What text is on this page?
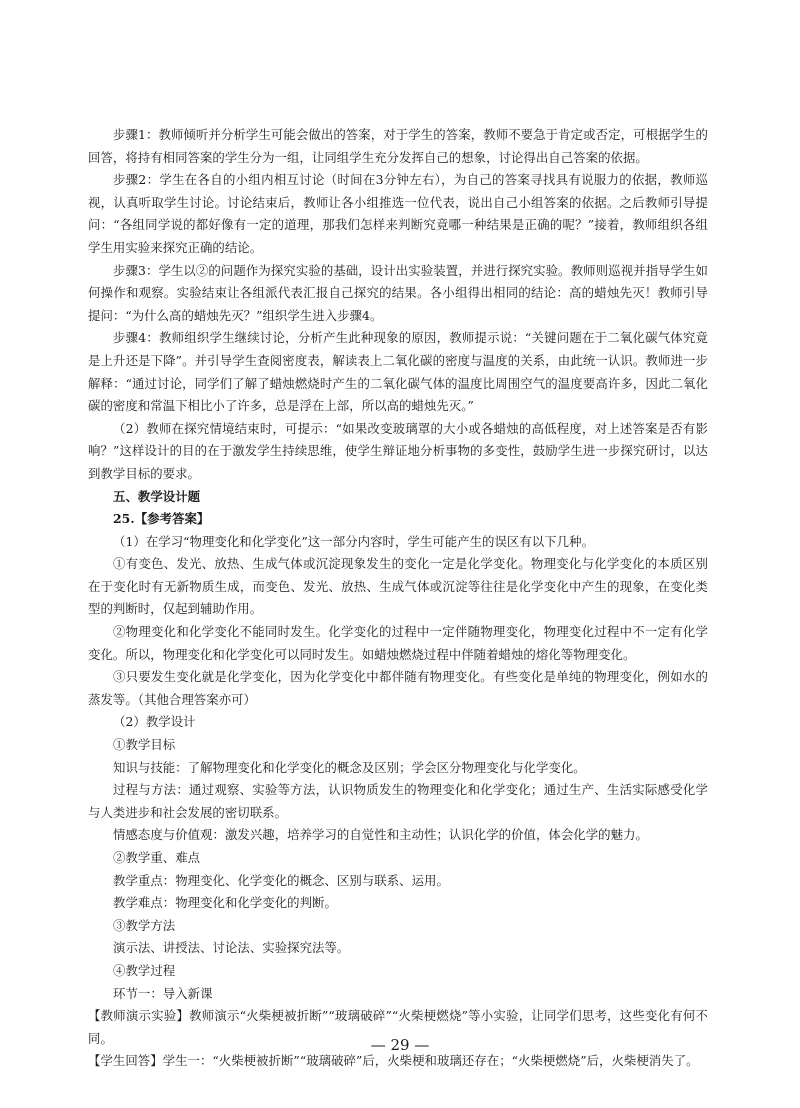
步骤1：教师倾听并分析学生可能会做出的答案，对于学生的答案，教师不要急于肯定或否定，可根据学生的回答，将持有相同答案的学生分为一组，让同组学生充分发挥自己的想象，讨论得出自己答案的依据。

步骤2：学生在各自的小组内相互讨论（时间在3分钟左右），为自己的答案寻找具有说服力的依据，教师巡视，认真听取学生讨论。讨论结束后，教师让各小组推选一位代表，说出自己小组答案的依据。之后教师引导提问：“各组同学说的都好像有一定的道理，那我们怎样来判断究竟哪一种结果是正确的呢？”接着，教师组织各组学生用实验来探究正确的结论。

步骤3：学生以②的问题作为探究实验的基础，设计出实验装置，并进行探究实验。教师则巡视并指导学生如何操作和观察。实验结束让各组派代表汇报自己探究的结果。各小组得出相同的结论：高的蜡烛先灭！教师引导提问：“为什么高的蜡烛先灭？”组织学生进入步骤4。

步骤4：教师组织学生继续讨论，分析产生此种现象的原因，教师提示说：“关键问题在于二氧化碳气体究竟是上升还是下降”。并引导学生查阅密度表，解读表上二氧化碳的密度与温度的关系，由此统一认识。教师进一步解释：“通过讨论，同学们了解了蜡烛燃烧时产生的二氧化碳气体的温度比周围空气的温度要高许多，因此二氧化碳的密度和常温下相比小了许多，总是浮在上部，所以高的蜡烛先灭。”

（2）教师在探究情境结束时，可提示：“如果改变玻璃罩的大小或各蜡烛的高低程度，对上述答案是否有影响？”这样设计的目的在于激发学生持续思维，使学生辩证地分析事物的多变性，鼓励学生进一步探究研讨，以达到教学目标的要求。

五、教学设计题

25.【参考答案】

（1）在学习“物理变化和化学变化”这一部分内容时，学生可能产生的误区有以下几种。

①有变色、发光、放热、生成气体或沉淀现象发生的变化一定是化学变化。物理变化与化学变化的本质区别在于变化时有无新物质生成，而变色、发光、放热、生成气体或沉淀等往往是化学变化中产生的现象，在变化类型的判断时，仅起到辅助作用。

②物理变化和化学变化不能同时发生。化学变化的过程中一定伴随物理变化，物理变化过程中不一定有化学变化。所以，物理变化和化学变化可以同时发生。如蜡烛燃烧过程中伴随着蜡烛的熔化等物理变化。

③只要发生变化就是化学变化，因为化学变化中都伴随有物理变化。有些变化是单纯的物理变化，例如水的蒸发等。（其他合理答案亦可）

（2）教学设计

①教学目标

知识与技能：了解物理变化和化学变化的概念及区别；学会区分物理变化与化学变化。

过程与方法：通过观察、实验等方法，认识物质发生的物理变化和化学变化；通过生产、生活实际感受化学与人类进步和社会发展的密切联系。

情感态度与价值观：激发兴趣，培养学习的自觉性和主动性；认识化学的价值，体会化学的魅力。

②教学重、难点

教学重点：物理变化、化学变化的概念、区别与联系、运用。

教学难点：物理变化和化学变化的判断。

③教学方法

演示法、讲授法、讨论法、实验探究法等。

④教学过程

环节一：导入新课

【教师演示实验】教师演示“火柴梗被折断”“玻璃破碎”“火柴梗燃烧”等小实验，让同学们思考，这些变化有何不同。

【学生回答】学生一：“火柴梗被折断”“玻璃破碎”后，火柴梗和玻璃还存在；“火柴梗燃烧”后，火柴梗消失了。

— 29 —
